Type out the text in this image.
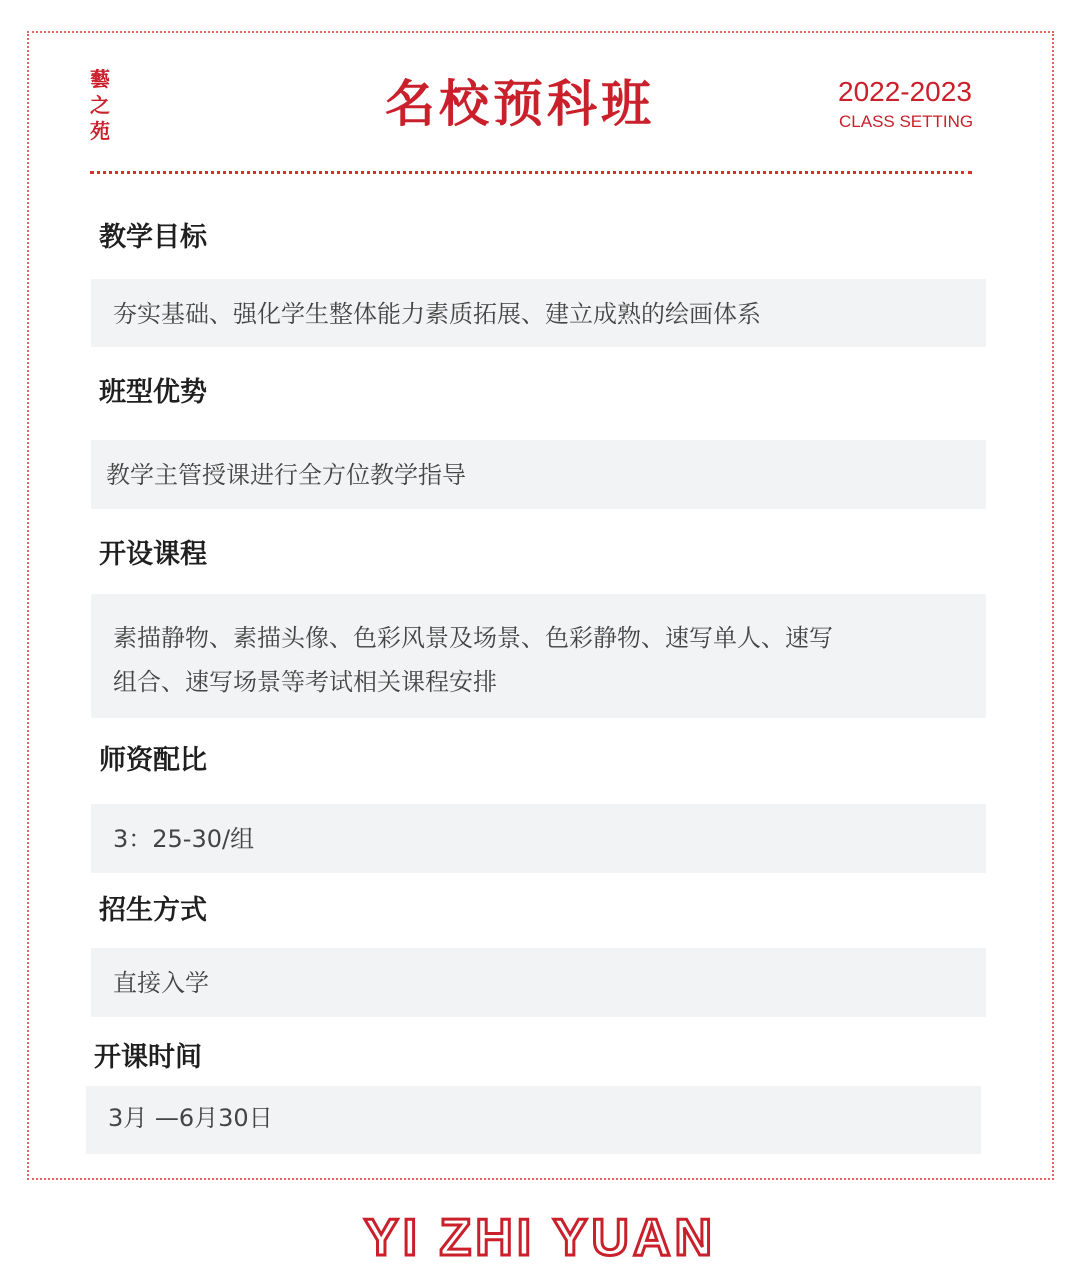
藝
之
苑	名校预科班	2022-2023
CLASS SETTING
教学目标
夯实基础、强化学生整体能力素质拓展、建立成熟的绘画体系
班型优势
教学主管授课进行全方位教学指导
开设课程
素描静物、素描头像、色彩风景及场景、色彩静物、速写单人、速写
组合、速写场景等考试相关课程安排
师资配比
3：25-30/组
招生方式
直接入学
开课时间
3月 —6月30日
YI ZHI YUAN
